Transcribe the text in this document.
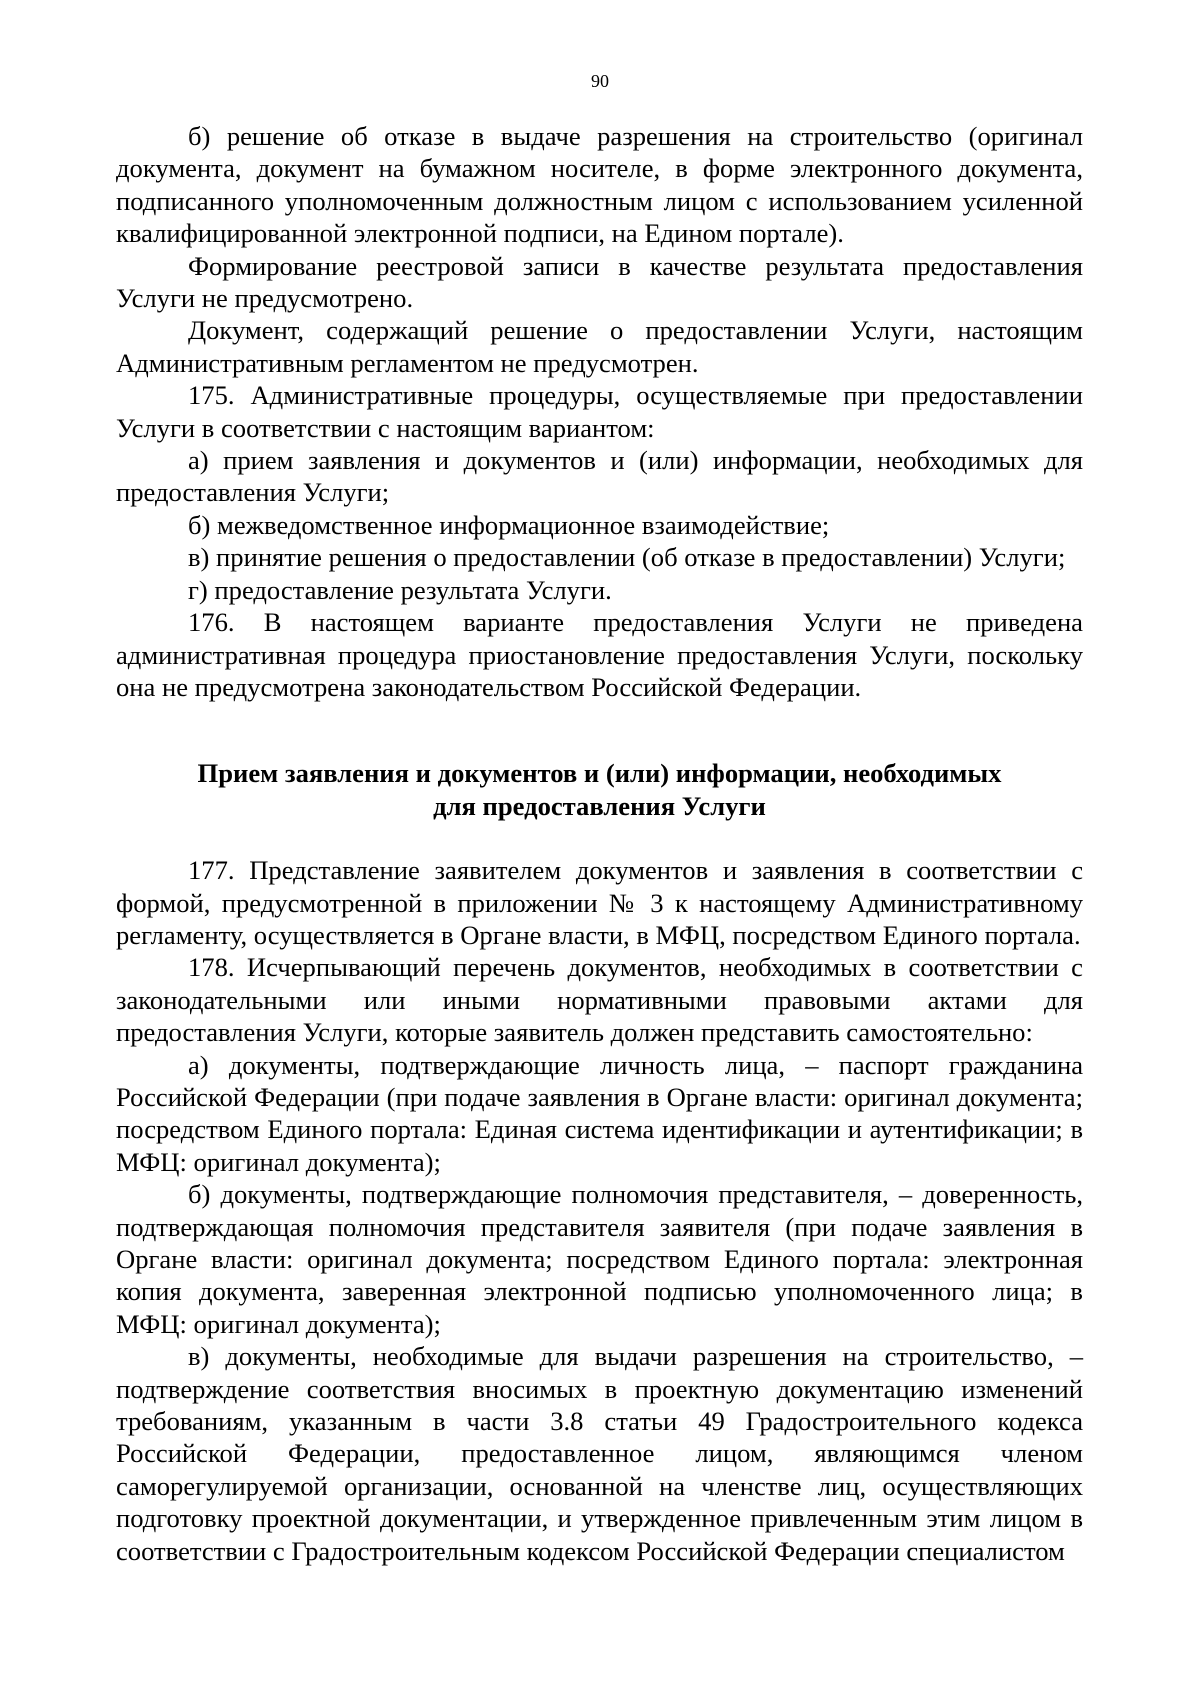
90

б) решение об отказе в выдаче разрешения на строительство (оригинал документа, документ на бумажном носителе, в форме электронного документа, подписанного уполномоченным должностным лицом с использованием усиленной квалифицированной электронной подписи, на Едином портале).

Формирование реестровой записи в качестве результата предоставления Услуги не предусмотрено.

Документ, содержащий решение о предоставлении Услуги, настоящим Административным регламентом не предусмотрен.

175. Административные процедуры, осуществляемые при предоставлении Услуги в соответствии с настоящим вариантом:

а) прием заявления и документов и (или) информации, необходимых для предоставления Услуги;

б) межведомственное информационное взаимодействие;

в) принятие решения о предоставлении (об отказе в предоставлении) Услуги;

г) предоставление результата Услуги.

176. В настоящем варианте предоставления Услуги не приведена административная процедура приостановление предоставления Услуги, поскольку она не предусмотрена законодательством Российской Федерации.

Прием заявления и документов и (или) информации, необходимых для предоставления Услуги

177. Представление заявителем документов и заявления в соответствии с формой, предусмотренной в приложении № 3 к настоящему Административному регламенту, осуществляется в Органе власти, в МФЦ, посредством Единого портала.

178. Исчерпывающий перечень документов, необходимых в соответствии с законодательными или иными нормативными правовыми актами для предоставления Услуги, которые заявитель должен представить самостоятельно:

а) документы, подтверждающие личность лица, – паспорт гражданина Российской Федерации (при подаче заявления в Органе власти: оригинал документа; посредством Единого портала: Единая система идентификации и аутентификации; в МФЦ: оригинал документа);

б) документы, подтверждающие полномочия представителя, – доверенность, подтверждающая полномочия представителя заявителя (при подаче заявления в Органе власти: оригинал документа; посредством Единого портала: электронная копия документа, заверенная электронной подписью уполномоченного лица; в МФЦ: оригинал документа);

в) документы, необходимые для выдачи разрешения на строительство, – подтверждение соответствия вносимых в проектную документацию изменений требованиям, указанным в части 3.8 статьи 49 Градостроительного кодекса Российской Федерации, предоставленное лицом, являющимся членом саморегулируемой организации, основанной на членстве лиц, осуществляющих подготовку проектной документации, и утвержденное привлеченным этим лицом в соответствии с Градостроительным кодексом Российской Федерации специалистом
